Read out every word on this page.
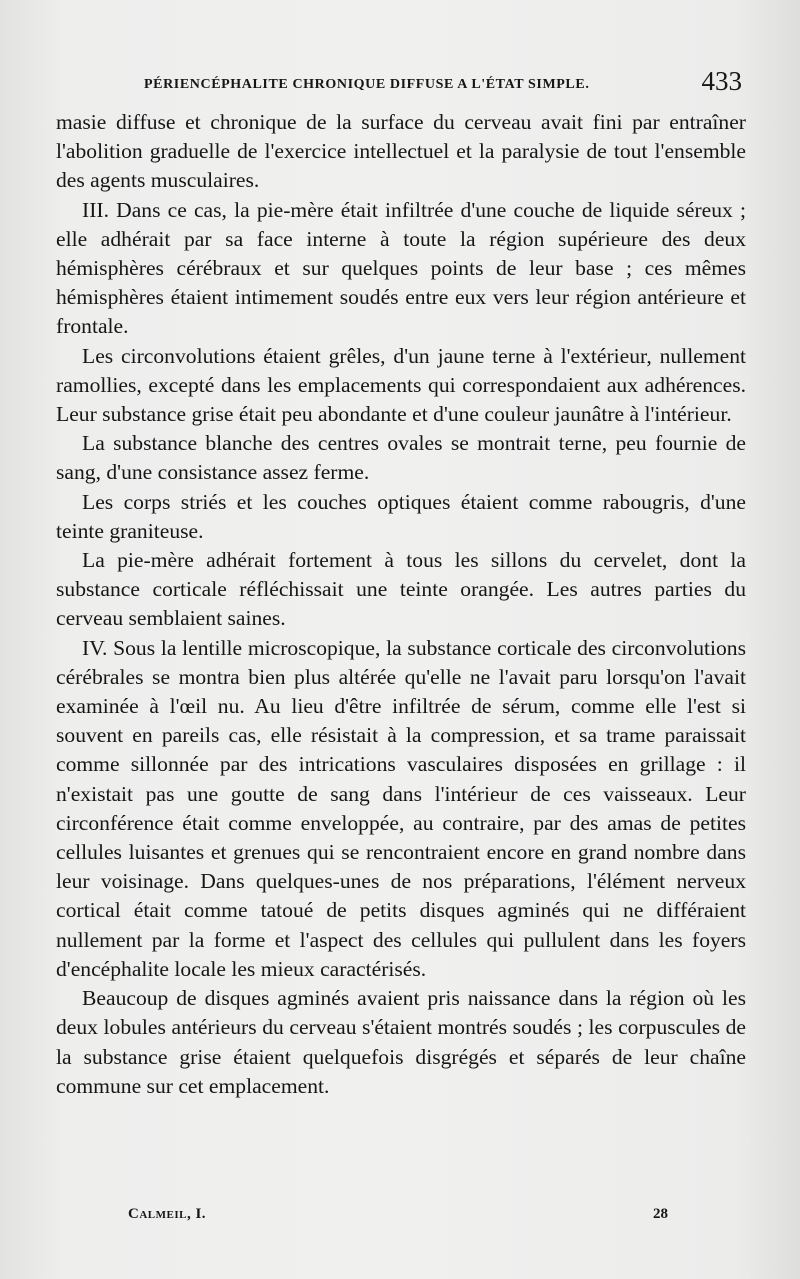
PÉRIENCÉPHALITE CHRONIQUE DIFFUSE A L'ÉTAT SIMPLE.	433

masie diffuse et chronique de la surface du cerveau avait fini par entraîner l'abolition graduelle de l'exercice intellectuel et la paralysie de tout l'ensemble des agents musculaires.

III. Dans ce cas, la pie-mère était infiltrée d'une couche de liquide séreux ; elle adhérait par sa face interne à toute la région supérieure des deux hémisphères cérébraux et sur quelques points de leur base ; ces mêmes hémisphères étaient intimement soudés entre eux vers leur région antérieure et frontale.

Les circonvolutions étaient grêles, d'un jaune terne à l'extérieur, nullement ramollies, excepté dans les emplacements qui correspondaient aux adhérences. Leur substance grise était peu abondante et d'une couleur jaunâtre à l'intérieur.

La substance blanche des centres ovales se montrait terne, peu fournie de sang, d'une consistance assez ferme.

Les corps striés et les couches optiques étaient comme rabougris, d'une teinte graniteuse.

La pie-mère adhérait fortement à tous les sillons du cervelet, dont la substance corticale réfléchissait une teinte orangée. Les autres parties du cerveau semblaient saines.

IV. Sous la lentille microscopique, la substance corticale des circonvolutions cérébrales se montra bien plus altérée qu'elle ne l'avait paru lorsqu'on l'avait examinée à l'œil nu. Au lieu d'être infiltrée de sérum, comme elle l'est si souvent en pareils cas, elle résistait à la compression, et sa trame paraissait comme sillonnée par des intrications vasculaires disposées en grillage : il n'existait pas une goutte de sang dans l'intérieur de ces vaisseaux. Leur circonférence était comme enveloppée, au contraire, par des amas de petites cellules luisantes et grenues qui se rencontraient encore en grand nombre dans leur voisinage. Dans quelques-unes de nos préparations, l'élément nerveux cortical était comme tatoué de petits disques agminés qui ne différaient nullement par la forme et l'aspect des cellules qui pullulent dans les foyers d'encéphalite locale les mieux caractérisés.

Beaucoup de disques agminés avaient pris naissance dans la région où les deux lobules antérieurs du cerveau s'étaient montrés soudés ; les corpuscules de la substance grise étaient quelquefois disgrégés et séparés de leur chaîne commune sur cet emplacement.

Calmeil, I.	28
